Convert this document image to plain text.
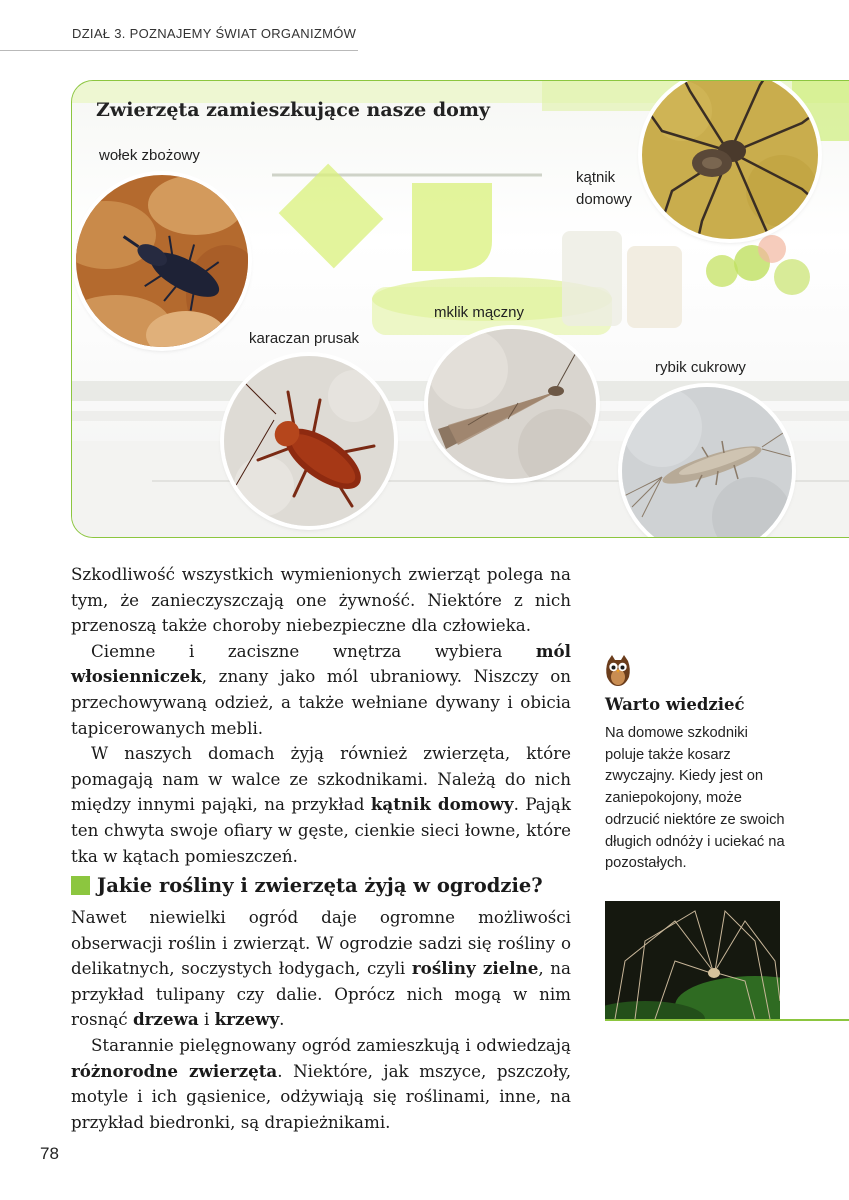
DZIAŁ 3. POZNAJEMY ŚWIAT ORGANIZMÓW
Zwierzęta zamieszkujące nasze domy
wołek zbożowy
kątnik domowy
mklik mączny
karaczan prusak
rybik cukrowy

Szkodliwość wszystkich wymienionych zwierząt polega na tym, że zanieczyszczają one żywność. Niektóre z nich przenoszą także choroby niebezpieczne dla człowieka.

Ciemne i zaciszne wnętrza wybiera mól włosienniczek, znany jako mól ubraniowy. Niszczy on przechowywaną odzież, a także wełniane dywany i obicia tapicerowanych mebli.

W naszych domach żyją również zwierzęta, które pomagają nam w walce ze szkodnikami. Należą do nich między innymi pająki, na przykład kątnik domowy. Pająk ten chwyta swoje ofiary w gęste, cienkie sieci łowne, które tka w kątach pomieszczeń.

Jakie rośliny i zwierzęta żyją w ogrodzie?

Nawet niewielki ogród daje ogromne możliwości obserwacji roślin i zwierząt. W ogrodzie sadzi się rośliny o delikatnych, soczystych łodygach, czyli rośliny zielne, na przykład tulipany czy dalie. Oprócz nich mogą w nim rosnąć drzewa i krzewy.

Starannie pielęgnowany ogród zamieszkują i odwiedzają różnorodne zwierzęta. Niektóre, jak mszyce, pszczoły, motyle i ich gąsienice, odżywiają się roślinami, inne, na przykład biedronki, są drapieżnikami.

Warto wiedzieć
Na domowe szkodniki poluje także kosarz zwyczajny. Kiedy jest on zaniepokojony, może odrzucić niektóre ze swoich długich odnóży i uciekać na pozostałych.
78
